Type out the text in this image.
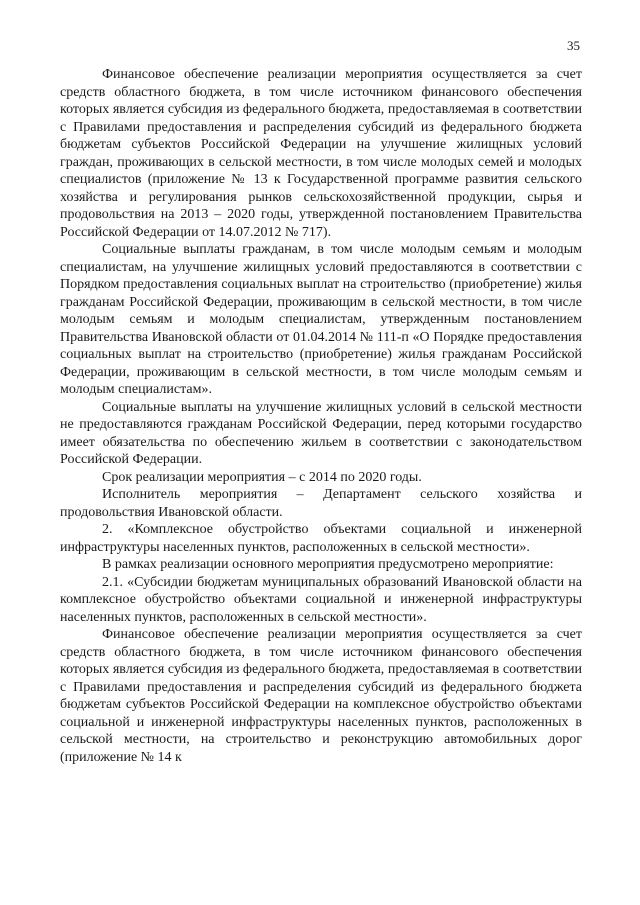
35

Финансовое обеспечение реализации мероприятия осуществляется за счет средств областного бюджета, в том числе источником финансового обеспечения которых является субсидия из федерального бюджета, предоставляемая в соответствии с Правилами предоставления и распределения субсидий из федерального бюджета бюджетам субъектов Российской Федерации на улучшение жилищных условий граждан, проживающих в сельской местности, в том числе молодых семей и молодых специалистов (приложение № 13 к Государственной программе развития сельского хозяйства и регулирования рынков сельскохозяйственной продукции, сырья и продовольствия на 2013 – 2020 годы, утвержденной постановлением Правительства Российской Федерации от 14.07.2012 № 717).

Социальные выплаты гражданам, в том числе молодым семьям и молодым специалистам, на улучшение жилищных условий предоставляются в соответствии с Порядком предоставления социальных выплат на строительство (приобретение) жилья гражданам Российской Федерации, проживающим в сельской местности, в том числе молодым семьям и молодым специалистам, утвержденным постановлением Правительства Ивановской области от 01.04.2014 № 111-п «О Порядке предоставления социальных выплат на строительство (приобретение) жилья гражданам Российской Федерации, проживающим в сельской местности, в том числе молодым семьям и молодым специалистам».

Социальные выплаты на улучшение жилищных условий в сельской местности не предоставляются гражданам Российской Федерации, перед которыми государство имеет обязательства по обеспечению жильем в соответствии с законодательством Российской Федерации.

Срок реализации мероприятия – с 2014 по 2020 годы.

Исполнитель мероприятия – Департамент сельского хозяйства и продовольствия Ивановской области.

2. «Комплексное обустройство объектами социальной и инженерной инфраструктуры населенных пунктов, расположенных в сельской местности».

В рамках реализации основного мероприятия предусмотрено мероприятие:

2.1. «Субсидии бюджетам муниципальных образований Ивановской области на комплексное обустройство объектами социальной и инженерной инфраструктуры населенных пунктов, расположенных в сельской местности».

Финансовое обеспечение реализации мероприятия осуществляется за счет средств областного бюджета, в том числе источником финансового обеспечения которых является субсидия из федерального бюджета, предоставляемая в соответствии с Правилами предоставления и распределения субсидий из федерального бюджета бюджетам субъектов Российской Федерации на комплексное обустройство объектами социальной и инженерной инфраструктуры населенных пунктов, расположенных в сельской местности, на строительство и реконструкцию автомобильных дорог (приложение № 14 к
